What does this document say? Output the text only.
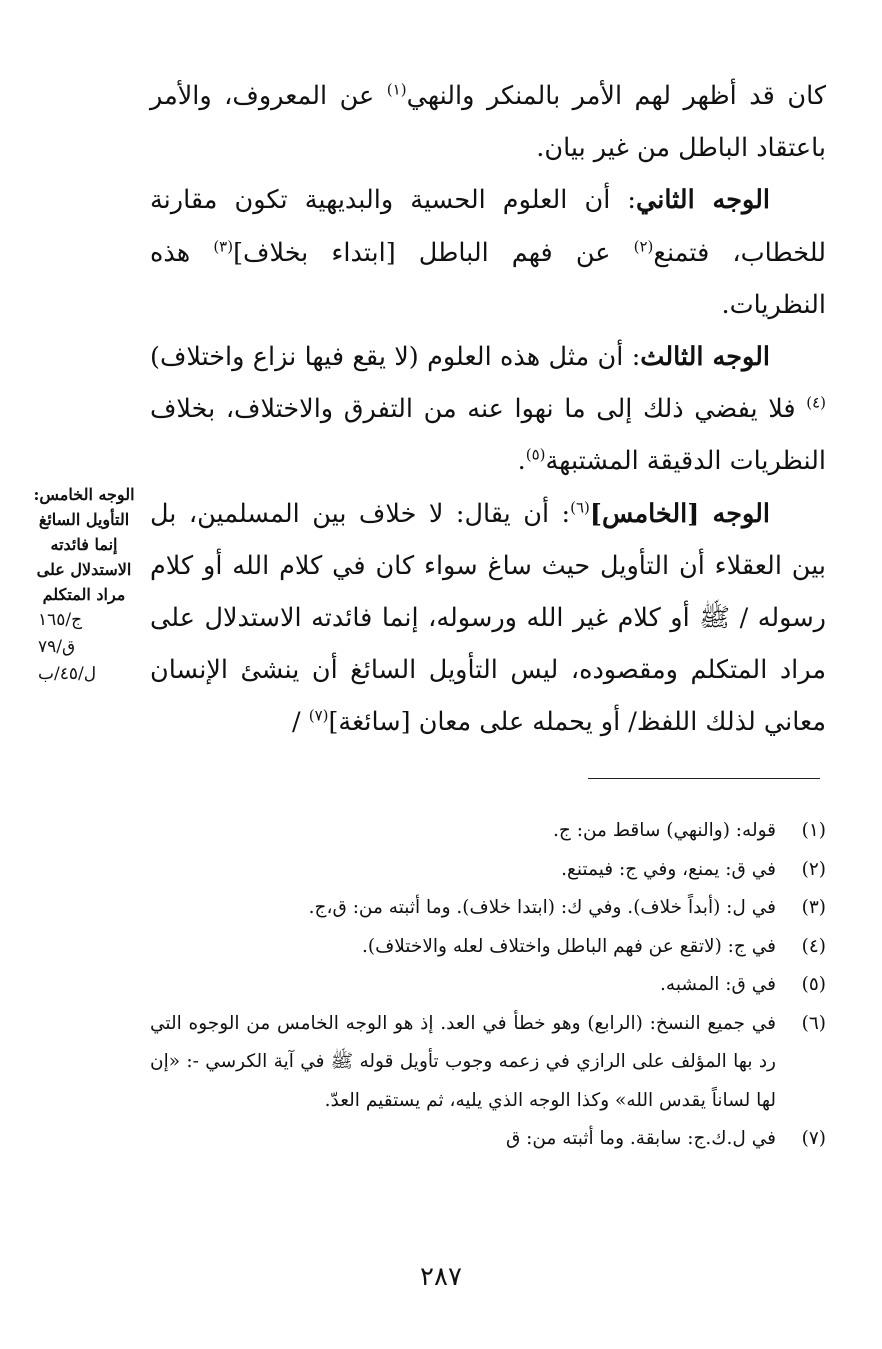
كان قد أظهر لهم الأمر بالمنكر والنهي$^{(١)}$ عن المعروف، والأمر باعتقاد الباطل من غير بيان.

الوجه الثاني: أن العلوم الحسية والبديهية تكون مقارنة للخطاب، فتمنع$^{(٢)}$ عن فهم الباطل [ابتداء بخلاف]$^{(٣)}$ هذه النظريات.

الوجه الثالث: أن مثل هذه العلوم (لا يقع فيها نزاع واختلاف)$^{(٤)}$ فلا يفضي ذلك إلى ما نهوا عنه من التفرق والاختلاف، بخلاف النظريات الدقيقة المشتبهة$^{(٥)}$.

الوجه [الخامس]$^{(٦)}$: أن يقال: لا خلاف بين المسلمين، بل بين العقلاء أن التأويل حيث ساغ سواء كان في كلام الله أو كلام رسوله / ﷺ أو كلام غير الله ورسوله، إنما فائدته الاستدلال على مراد المتكلم ومقصوده، ليس التأويل السائغ أن ينشئ الإنسان معاني لذلك اللفظ/ أو يحمله على معان [سائغة]$^{(٧)}$ /

الوجه الخامس: التأويل السائغ إنما فائدته الاستدلال على مراد المتكلم
ج/١٦٥
ق/٧٩
ل/٤٥/ب
(١)
قوله: (والنهي) ساقط من: ج.
(٢)
في ق: يمنع، وفي ج: فيمتنع.
(٣)
في ل: (أبداً خلاف). وفي ك: (ابتدا خلاف). وما أثبته من: ق،ج.
(٤)
في ج: (لاتقع عن فهم الباطل واختلاف لعله والاختلاف).
(٥)
في ق: المشبه.
(٦)
في جميع النسخ: (الرابع) وهو خطأ في العد. إذ هو الوجه الخامس من الوجوه التي رد بها المؤلف على الرازي في زعمه وجوب تأويل قوله ﷺ في آية الكرسي -: «إن لها لساناً يقدس الله» وكذا الوجه الذي يليه، ثم يستقيم العدّ.
(٧)
في ل.ك.ج: سابقة. وما أثبته من: ق
٢٨٧
